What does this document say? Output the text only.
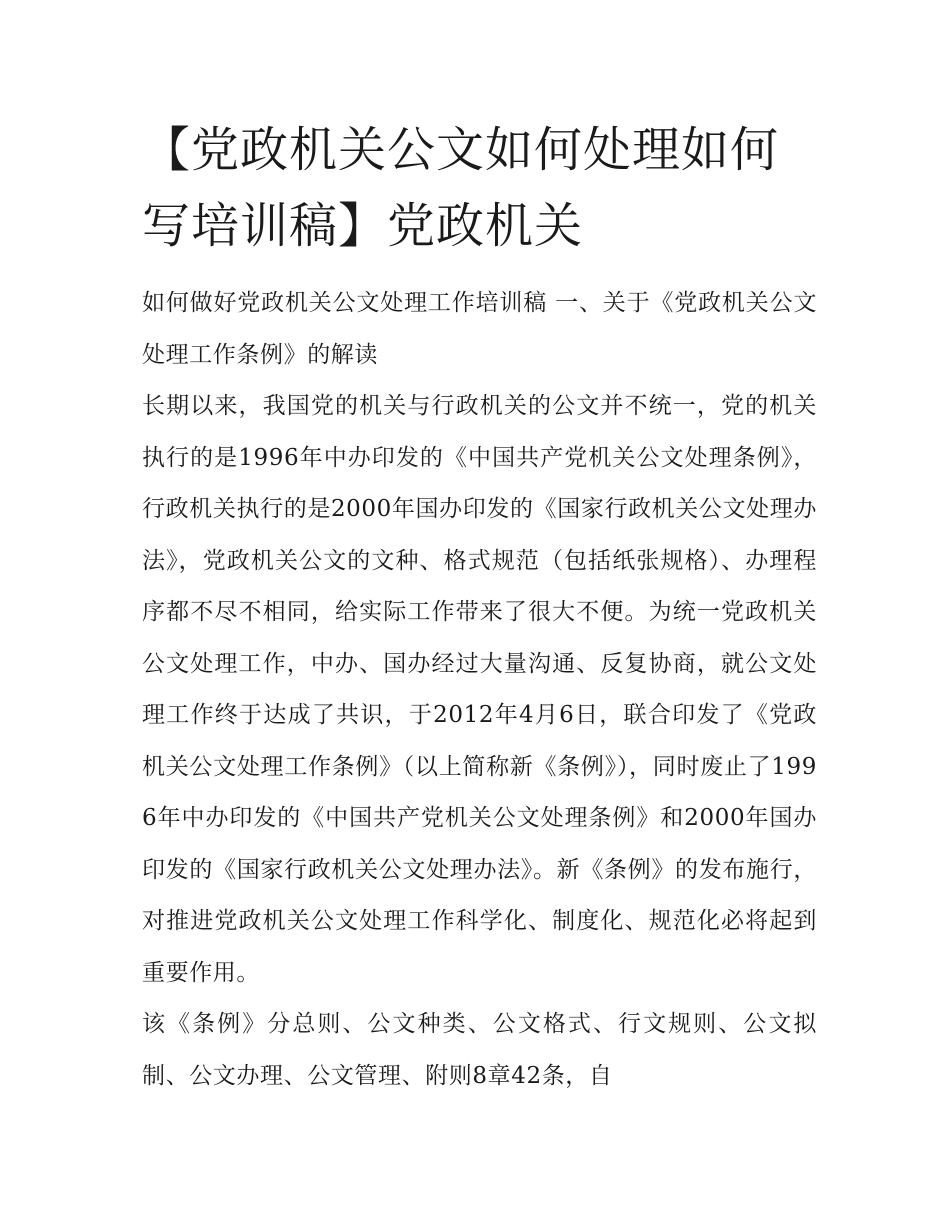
【党政机关公文如何处理如何写培训稿】党政机关

如何做好党政机关公文处理工作培训稿 一、关于《党政机关公文处理工作条例》的解读

长期以来，我国党的机关与行政机关的公文并不统一，党的机关执行的是1996年中办印发的《中国共产党机关公文处理条例》，行政机关执行的是2000年国办印发的《国家行政机关公文处理办法》，党政机关公文的文种、格式规范（包括纸张规格）、办理程序都不尽不相同，给实际工作带来了很大不便。为统一党政机关公文处理工作，中办、国办经过大量沟通、反复协商，就公文处理工作终于达成了共识，于2012年4月6日，联合印发了《党政机关公文处理工作条例》（以上简称新《条例》），同时废止了1996年中办印发的《中国共产党机关公文处理条例》和2000年国办印发的《国家行政机关公文处理办法》。新《条例》的发布施行，对推进党政机关公文处理工作科学化、制度化、规范化必将起到重要作用。

该《条例》分总则、公文种类、公文格式、行文规则、公文拟制、公文办理、公文管理、附则8章42条，自
